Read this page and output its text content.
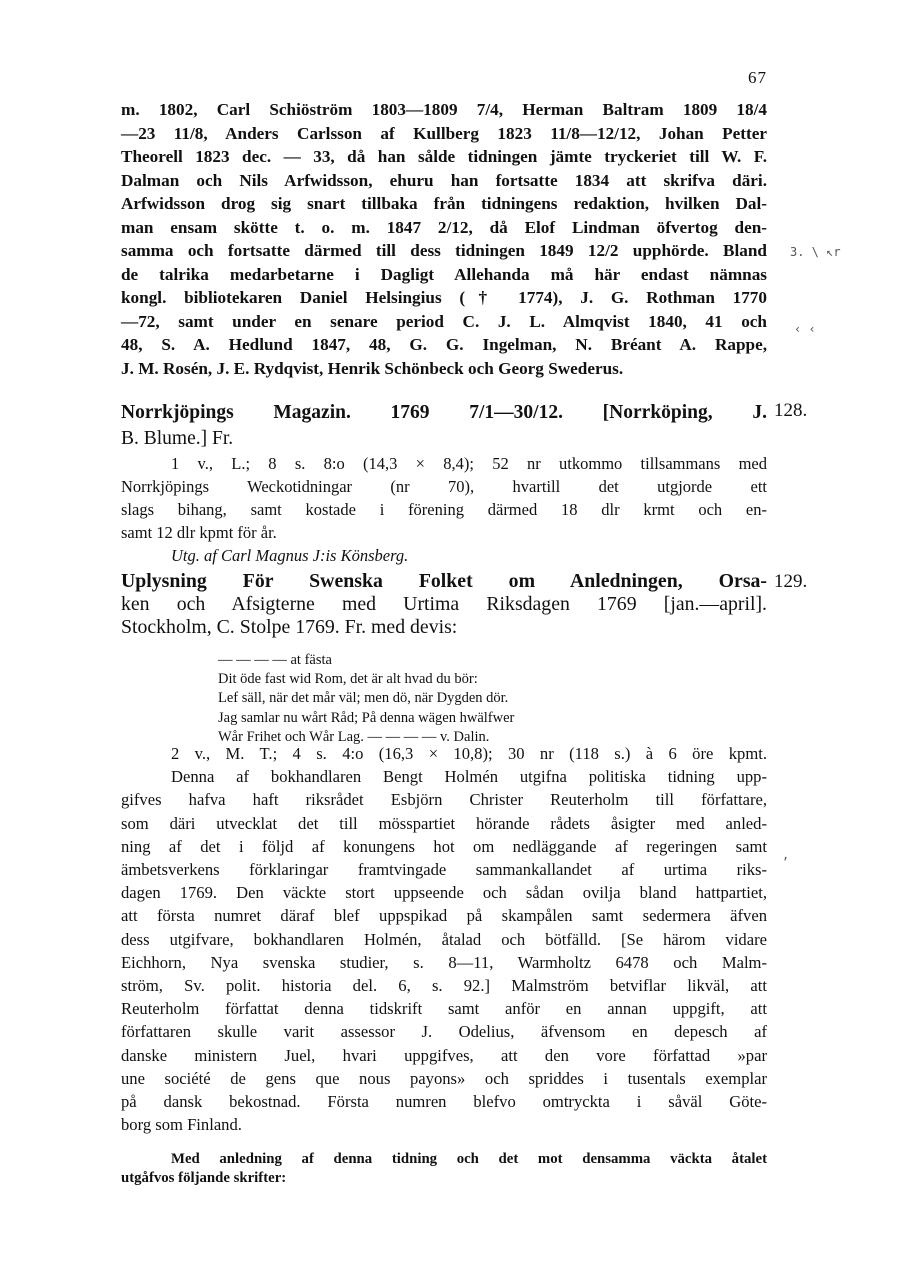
67
m. 1802, Carl Schiöström 1803—1809 7/4, Herman Baltram 1809 18/4
—23 11/8, Anders Carlsson af Kullberg 1823 11/8—12/12, Johan Petter
Theorell 1823 dec. — 33, då han sålde tidningen jämte tryckeriet till W. F.
Dalman och Nils Arfwidsson, ehuru han fortsatte 1834 att skrifva däri.
Arfwidsson drog sig snart tillbaka från tidningens redaktion, hvilken Dal-
man ensam skötte t. o. m. 1847 2/12, då Elof Lindman öfvertog den-
samma och fortsatte därmed till dess tidningen 1849 12/2 upphörde. Bland
de talrika medarbetarne i Dagligt Allehanda må här endast nämnas
kongl. bibliotekaren Daniel Helsingius († 1774), J. G. Rothman 1770
—72, samt under en senare period C. J. L. Almqvist 1840, 41 och
48, S. A. Hedlund 1847, 48, G. G. Ingelman, N. Bréant A. Rappe,
J. M. Rosén, J. E. Rydqvist, Henrik Schönbeck och Georg Swederus.
3. \ ↖r
‹ ‹
,
Norrkjöpings Magazin. 1769 7/1—30/12. [Norrköping, J.
B. Blume.] Fr.
128.
1 v., L.; 8 s. 8:o (14,3 × 8,4); 52 nr utkommo tillsammans med
Norrkjöpings Weckotidningar (nr 70), hvartill det utgjorde ett
slags bihang, samt kostade i förening därmed 18 dlr krmt och en-
samt 12 dlr kpmt för år.
Utg. af Carl Magnus J:is Könsberg.
Uplysning För Swenska Folket om Anledningen, Orsa-
ken och Afsigterne med Urtima Riksdagen 1769 [jan.—april].
Stockholm, C. Stolpe 1769. Fr. med devis:
129.
— — — — at fästa
Dit öde fast wid Rom, det är alt hvad du bör:
Lef säll, när det mår väl; men dö, när Dygden dör.
Jag samlar nu wårt Råd; På denna wägen hwälfwer
Wår Frihet och Wår Lag. — — — — v. Dalin.
2 v., M. T.; 4 s. 4:o (16,3 × 10,8); 30 nr (118 s.) à 6 öre kpmt.
Denna af bokhandlaren Bengt Holmén utgifna politiska tidning upp-
gifves hafva haft riksrådet Esbjörn Christer Reuterholm till författare,
som däri utvecklat det till mösspartiet hörande rådets åsigter med anled-
ning af det i följd af konungens hot om nedläggande af regeringen samt
ämbetsverkens förklaringar framtvingade sammankallandet af urtima riks-
dagen 1769. Den väckte stort uppseende och sådan ovilja bland hattpartiet,
att första numret däraf blef uppspikad på skampålen samt sedermera äfven
dess utgifvare, bokhandlaren Holmén, åtalad och bötfälld. [Se härom vidare
Eichhorn, Nya svenska studier, s. 8—11, Warmholtz 6478 och Malm-
ström, Sv. polit. historia del. 6, s. 92.] Malmström betviflar likväl, att
Reuterholm författat denna tidskrift samt anför en annan uppgift, att
författaren skulle varit assessor J. Odelius, äfvensom en depesch af
danske ministern Juel, hvari uppgifves, att den vore författad »par
une société de gens que nous payons» och spriddes i tusentals exemplar
på dansk bekostnad. Första numren blefvo omtryckta i såväl Göte-
borg som Finland.
Med anledning af denna tidning och det mot densamma väckta åtalet
utgåfvos följande skrifter:
